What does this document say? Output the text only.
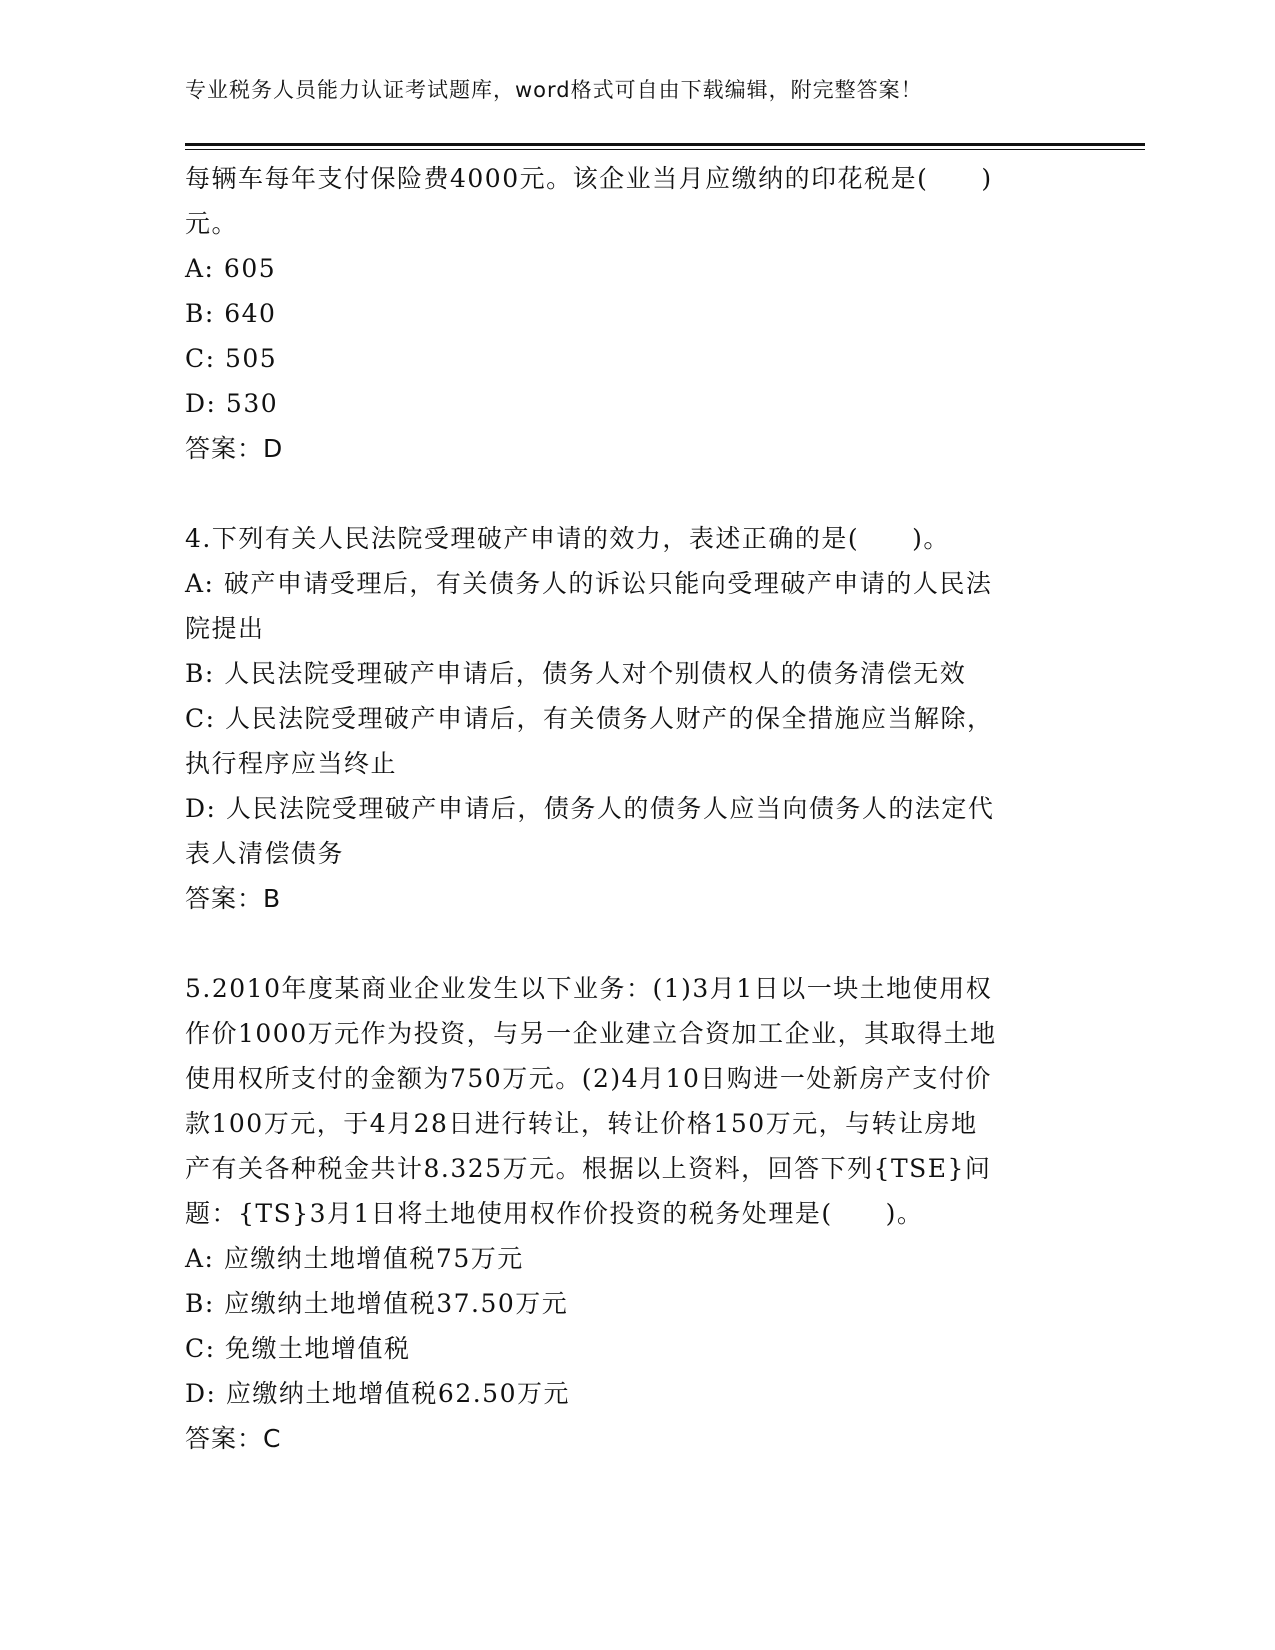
专业税务人员能力认证考试题库，word格式可自由下载编辑，附完整答案！
每辆车每年支付保险费4000元。该企业当月应缴纳的印花税是(　　)
元。
A: 605
B: 640
C: 505
D: 530
答案：D
4.下列有关人民法院受理破产申请的效力，表述正确的是(　　)。
A: 破产申请受理后，有关债务人的诉讼只能向受理破产申请的人民法
院提出
B: 人民法院受理破产申请后，债务人对个别债权人的债务清偿无效
C: 人民法院受理破产申请后，有关债务人财产的保全措施应当解除，
执行程序应当终止
D: 人民法院受理破产申请后，债务人的债务人应当向债务人的法定代
表人清偿债务
答案：B
5.2010年度某商业企业发生以下业务：(1)3月1日以一块土地使用权
作价1000万元作为投资，与另一企业建立合资加工企业，其取得土地
使用权所支付的金额为750万元。(2)4月10日购进一处新房产支付价
款100万元，于4月28日进行转让，转让价格150万元，与转让房地
产有关各种税金共计8.325万元。根据以上资料，回答下列{TSE}问
题：{TS}3月1日将土地使用权作价投资的税务处理是(　　)。
A: 应缴纳土地增值税75万元
B: 应缴纳土地增值税37.50万元
C: 免缴土地增值税
D: 应缴纳土地增值税62.50万元
答案：C
